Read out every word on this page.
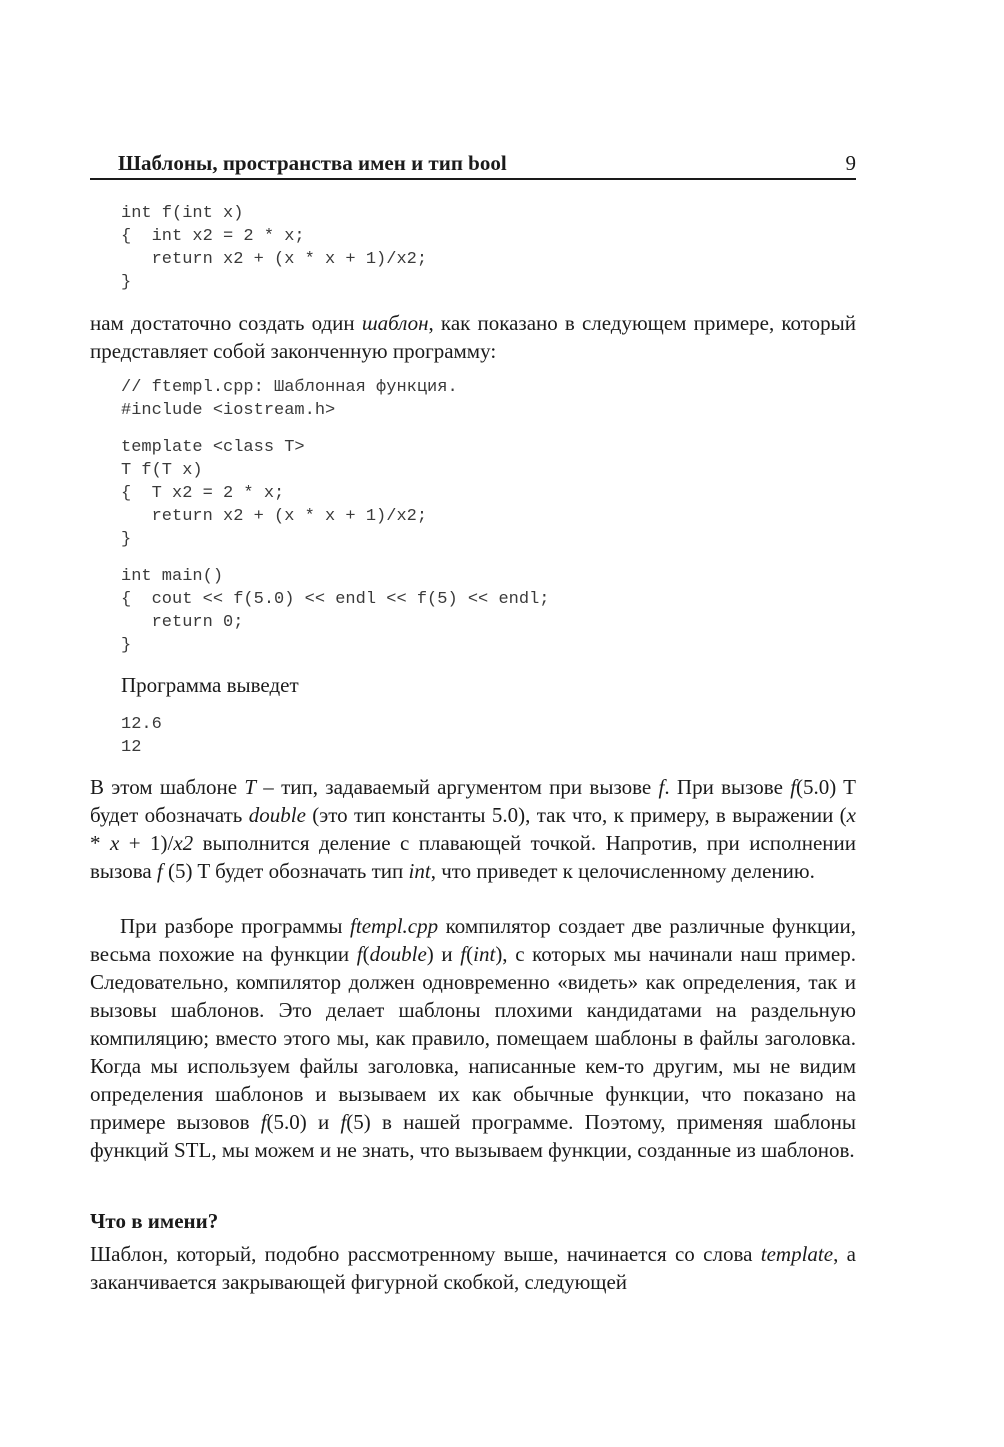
Шаблоны, пространства имен и тип bool	9
int f(int x)
{  int x2 = 2 * x;
return x2 + (x * x + 1)/x2;
}

нам достаточно создать один шаблон, как показано в следующем примере, который представляет собой законченную программу:

// ftempl.cpp: Шаблонная функция.
#include <iostream.h>
template <class T>
T f(T x)
{  T x2 = 2 * x;
return x2 + (x * x + 1)/x2;
}
int main()
{  cout << f(5.0) << endl << f(5) << endl;
return 0;
}

Программа выведет

12.6
12

В этом шаблоне T – тип, задаваемый аргументом при вызове f. При вызове f(5.0) T будет обозначать double (это тип константы 5.0), так что, к примеру, в выражении (x * x + 1)/x2 выполнится деление с плавающей точкой. Напротив, при исполнении вызова f (5) T будет обозначать тип int, что приведет к целочисленному делению.

При разборе программы ftempl.cpp компилятор создает две различные функции, весьма похожие на функции f(double) и f(int), с которых мы начинали наш пример. Следовательно, компилятор должен одновременно «видеть» как определения, так и вызовы шаблонов. Это делает шаблоны плохими кандидатами на раздельную компиляцию; вместо этого мы, как правило, помещаем шаблоны в файлы заголовка. Когда мы используем файлы заголовка, написанные кем-то другим, мы не видим определения шаблонов и вызываем их как обычные функции, что показано на примере вызовов f(5.0) и f(5) в нашей программе. Поэтому, применяя шаблоны функций STL, мы можем и не знать, что вызываем функции, созданные из шаблонов.

Что в имени?

Шаблон, который, подобно рассмотренному выше, начинается со слова template, а заканчивается закрывающей фигурной скобкой, следующей
